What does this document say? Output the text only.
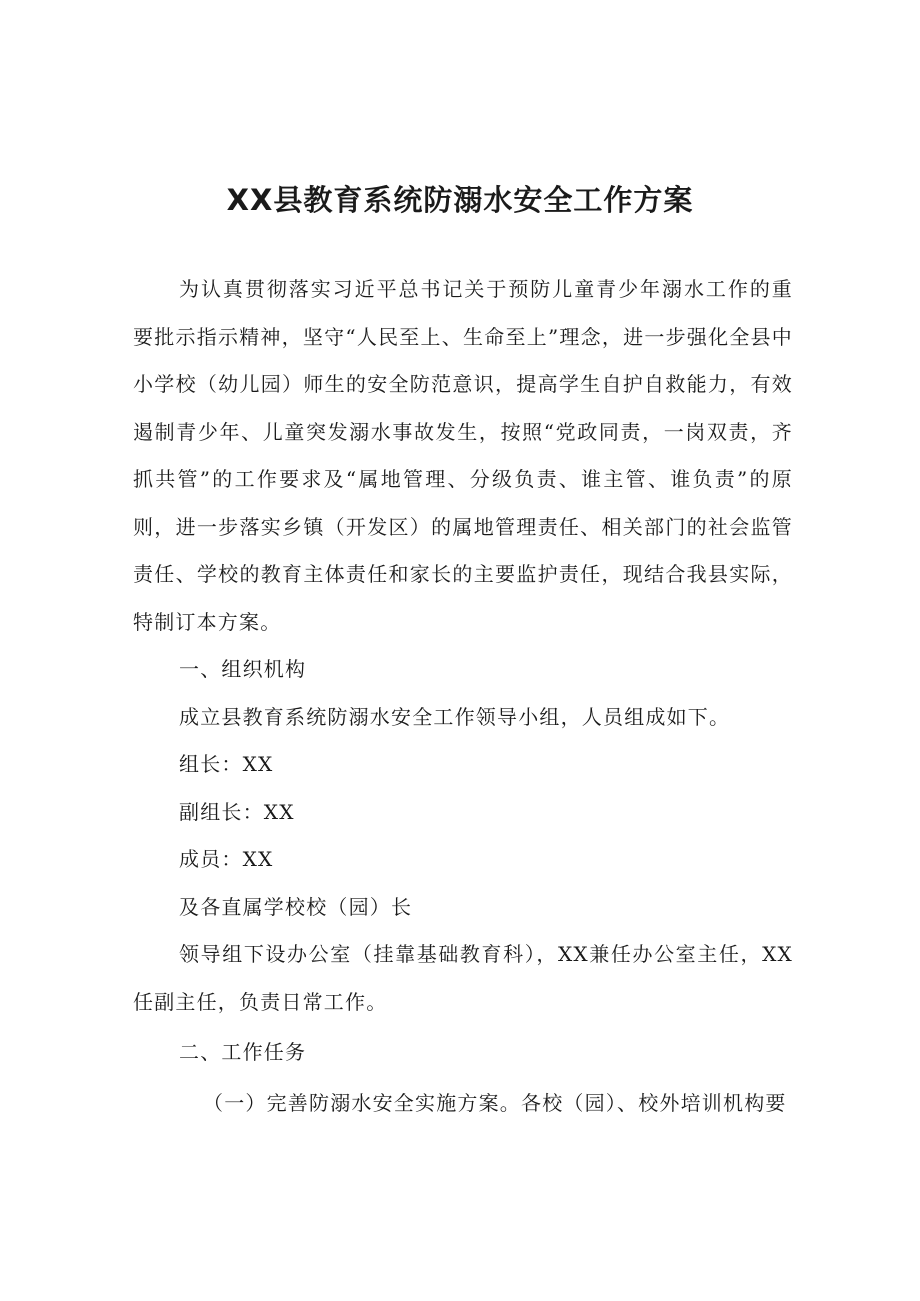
XX县教育系统防溺水安全工作方案

为认真贯彻落实习近平总书记关于预防儿童青少年溺水工作的重要批示指示精神，坚守“人民至上、生命至上”理念，进一步强化全县中小学校（幼儿园）师生的安全防范意识，提高学生自护自救能力，有效遏制青少年、儿童突发溺水事故发生，按照“党政同责，一岗双责，齐抓共管”的工作要求及“属地管理、分级负责、谁主管、谁负责”的原则，进一步落实乡镇（开发区）的属地管理责任、相关部门的社会监管责任、学校的教育主体责任和家长的主要监护责任，现结合我县实际，特制订本方案。

一、组织机构

成立县教育系统防溺水安全工作领导小组，人员组成如下。

组长：XX

副组长：XX

成员：XX

及各直属学校校（园）长

领导组下设办公室（挂靠基础教育科），XX兼任办公室主任，XX任副主任，负责日常工作。

二、工作任务

（一）完善防溺水安全实施方案。各校（园）、校外培训机构要
